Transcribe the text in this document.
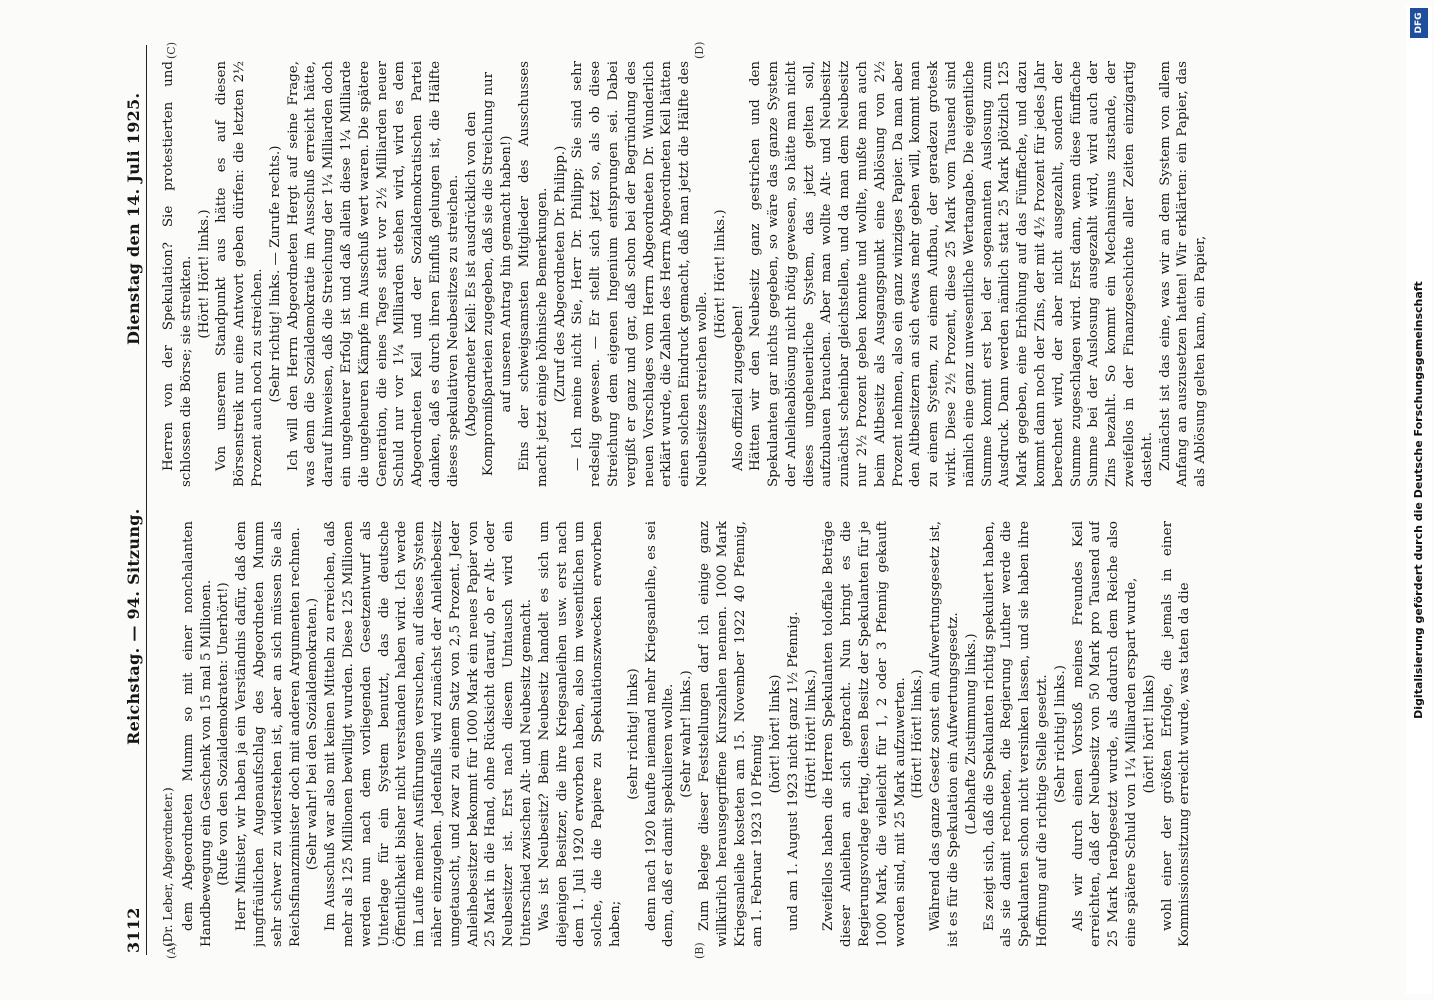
3112
Reichstag. — 94. Sitzung.
Dienstag den 14. Juli 1925.
(A)	(B)
(C)	(D)

(Dr. Leber, Abgeordneter.) dem Abgeordneten Mumm so mit einer nonchalanten Handbewegung ein Geschenk von 15 mal 5 Millionen. (Rufe von den Sozialdemokraten: Unerhört!) Herr Minister, wir haben ja ein Verständnis dafür, daß dem jungfräulichen Augenaufschlag des Abgeordneten Mumm sehr schwer zu widerstehen ist, aber an sich müssen Sie als Reichsfinanzminister doch mit anderen Argumenten rechnen. (Sehr wahr! bei den Sozialdemokraten.) Im Ausschuß war also mit keinen Mitteln zu erreichen, daß mehr als 125 Millionen bewilligt wurden. Diese 125 Millionen werden nun nach dem vorliegenden Gesetzentwurf als Unterlage für ein System benutzt, das die deutsche Öffentlichkeit bisher nicht verstanden haben wird. Ich werde im Laufe meiner Ausführungen versuchen, auf dieses System näher einzugehen. Jedenfalls wird zunächst der Anleihebesitz umgetauscht, und zwar zu einem Satz von 2,5 Prozent. Jeder Anleihebesitzer bekommt für 1000 Mark ein neues Papier von 25 Mark in die Hand, ohne Rücksicht darauf, ob er Alt- oder Neubesitzer ist. Erst nach diesem Umtausch wird ein Unterschied zwischen Alt- und Neubesitz gemacht. Was ist Neubesitz? Beim Neubesitz handelt es sich um diejenigen Besitzer, die ihre Kriegsanleihen usw. erst nach dem 1. Juli 1920 erworben haben, also im wesentlichen um solche, die die Papiere zu Spekulationszwecken erworben haben;

(sehr richtig! links) denn nach 1920 kaufte niemand mehr Kriegsanleihe, es sei denn, daß er damit spekulieren wollte. (Sehr wahr! links.) Zum Belege dieser Feststellungen darf ich einige ganz willkürlich herausgegriffene Kurszahlen nennen. 1000 Mark Kriegsanleihe kosteten am 15. November 1922 40 Pfennig, am 1. Februar 1923 10 Pfennig

(hört! hört! links) und am 1. August 1923 nicht ganz 1½ Pfennig. (Hört! Hört! links.) Zweifellos haben die Herren Spekulanten toloffale Beträge dieser Anleihen an sich gebracht. Nun bringt es die Regierungsvorlage fertig, diesen Besitz der Spekulanten für je 1000 Mark, die vielleicht für 1, 2 oder 3 Pfennig gekauft worden sind, mit 25 Mark aufzuwerten. (Hört! Hört! links.) Während das ganze Gesetz sonst ein Aufwertungsgesetz ist, ist es für die Spekulation ein Aufwertungsgesetz. (Lebhafte Zustimmung links.) Es zeigt sich, daß die Spekulanten richtig spekuliert haben, als sie damit rechneten, die Regierung Luther werde die Spekulanten schon nicht versinken lassen, und sie haben ihre Hoffnung auf die richtige Stelle gesetzt. (Sehr richtig! links.) Als wir durch einen Vorstoß meines Freundes Keil erreichten, daß der Neubesitz von 50 Mark pro Tausend auf 25 Mark herabgesetzt wurde, als dadurch dem Reiche also eine spätere Schuld von 1¼ Milliarden erspart wurde, (hört! hört! links) wohl einer der größten Erfolge, die jemals in einer Kommissionssitzung erreicht wurde, was taten da die

Herren von der Spekulation? Sie protestierten und schlossen die Börse; sie streikten. (Hört! Hört! links.) Von unserem Standpunkt aus hätte es auf diesen Börsenstreik nur eine Antwort geben dürfen: die letzten 2½ Prozent auch noch zu streichen. (Sehr richtig! links. — Zurufe rechts.) Ich will den Herrn Abgeordneten Hergt auf seine Frage, was denn die Sozialdemokratie im Ausschuß erreicht hätte, darauf hinweisen, daß die Streichung der 1¼ Milliarden doch ein ungeheurer Erfolg ist und daß allein diese 1¼ Milliarde die ungeheuren Kämpfe im Ausschuß wert waren. Die spätere Generation, die eines Tages statt vor 2½ Milliarden neuer Schuld nur vor 1¼ Milliarden stehen wird, wird es dem Abgeordneten Keil und der Sozialdemokratischen Partei danken, daß es durch ihren Einfluß gelungen ist, die Hälfte dieses spekulativen Neubesitzes zu streichen. (Abgeordneter Keil: Es ist ausdrücklich von den Kompromißparteien zugegeben, daß sie die Streichung nur auf unseren Antrag hin gemacht haben!) Eins der schweigsamsten Mitglieder des Ausschusses macht jetzt einige höhnische Bemerkungen. (Zuruf des Abgeordneten Dr. Philipp.) — Ich meine nicht Sie, Herr Dr. Philipp; Sie sind sehr redselig gewesen. — Er stellt sich jetzt so, als ob diese Streichung dem eigenen Ingenium entsprungen sei. Dabei vergißt er ganz und gar, daß schon bei der Begründung des neuen Vorschlages vom Herrn Abgeordneten Dr. Wunderlich erklärt wurde, die Zahlen des Herrn Abgeordneten Keil hätten einen solchen Eindruck gemacht, daß man jetzt die Hälfte des Neubesitzes streichen wolle.

(Hört! Hört! links.)

Also offiziell zugegeben! Hätten wir den Neubesitz ganz gestrichen und den Spekulanten gar nichts gegeben, so wäre das ganze System der Anleiheablösung nicht nötig gewesen, so hätte man nicht dieses ungeheuerliche System, das jetzt gelten soll, aufzubauen brauchen. Aber man wollte Alt- und Neubesitz zunächst scheinbar gleichstellen, und da man dem Neubesitz nur 2½ Prozent geben konnte und wollte, mußte man auch beim Altbesitz als Ausgangspunkt eine Ablösung von 2½ Prozent nehmen, also ein ganz winziges Papier. Da man aber den Altbesitzern an sich etwas mehr geben will, kommt man zu einem System, zu einem Aufbau, der geradezu grotesk wirkt. Diese 2½ Prozent, diese 25 Mark vom Tausend sind nämlich eine ganz unwesentliche Wertangabe. Die eigentliche Summe kommt erst bei der sogenannten Auslosung zum Ausdruck. Dann werden nämlich statt 25 Mark plötzlich 125 Mark gegeben, eine Erhöhung auf das Fünffache, und dazu kommt dann noch der Zins, der mit 4½ Prozent für jedes Jahr berechnet wird, der aber nicht ausgezahlt, sondern der Summe zugeschlagen wird. Erst dann, wenn diese fünffache Summe bei der Auslosung ausgezahlt wird, wird auch der Zins bezahlt. So kommt ein Mechanismus zustande, der zweifellos in der Finanzgeschichte aller Zeiten einzigartig dasteht. Zunächst ist das eine, was wir an dem System von allem Anfang an auszusetzen hatten! Wir erklärten: ein Papier, das als Ablösung gelten kann, ein Papier,

DFG
Digitalisierung gefördert durch die Deutsche Forschungsgemeinschaft
